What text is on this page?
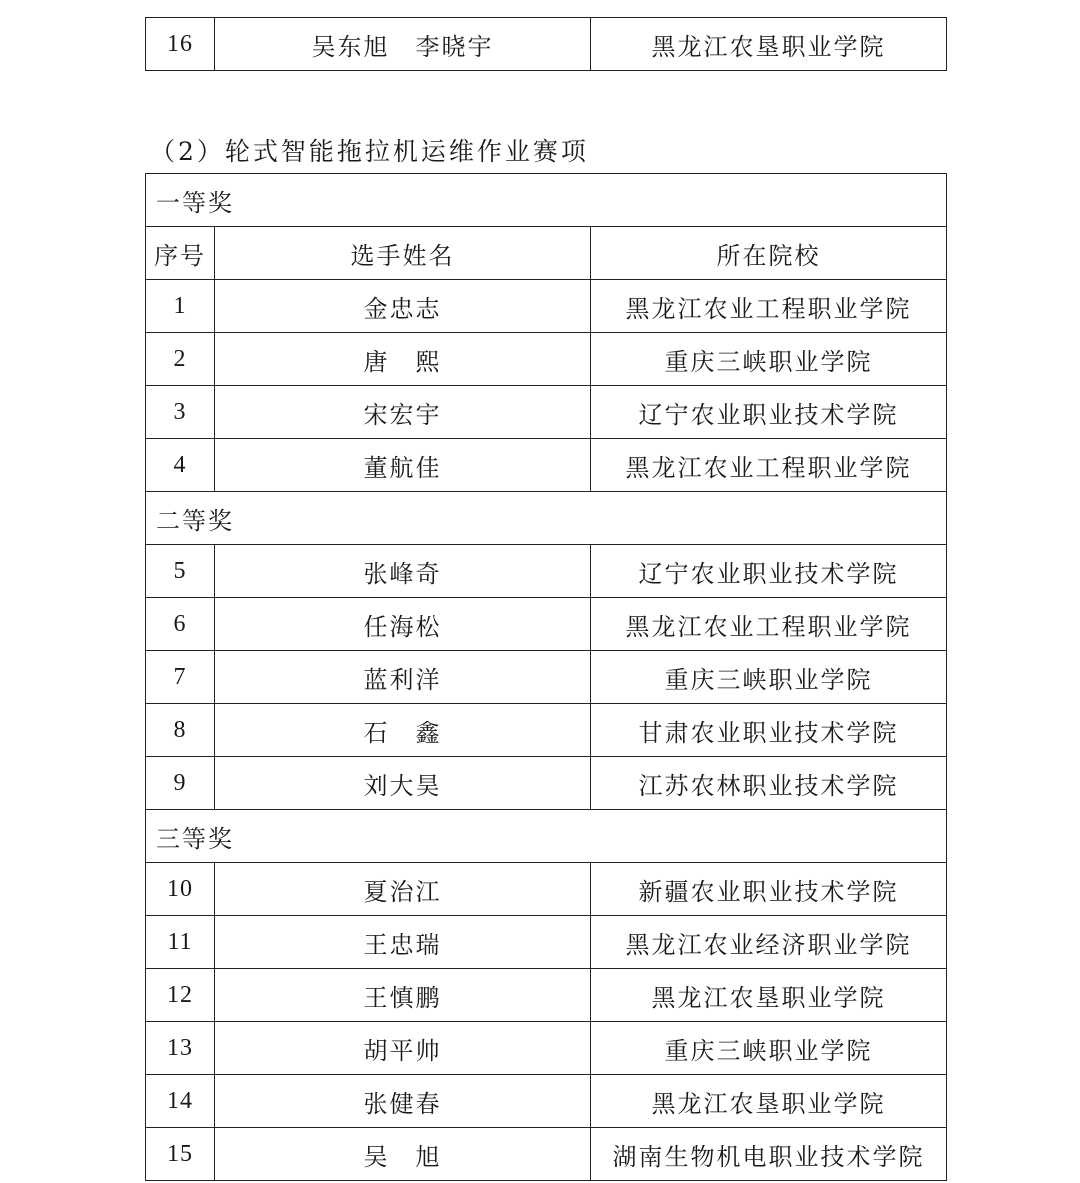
16	吴东旭　李晓宇	黑龙江农垦职业学院
（2）轮式智能拖拉机运维作业赛项
一等奖		
序号	选手姓名	所在院校
1	金忠志	黑龙江农业工程职业学院
2	唐　熙	重庆三峡职业学院
3	宋宏宇	辽宁农业职业技术学院
4	董航佳	黑龙江农业工程职业学院
二等奖		
5	张峰奇	辽宁农业职业技术学院
6	任海松	黑龙江农业工程职业学院
7	蓝利洋	重庆三峡职业学院
8	石　鑫	甘肃农业职业技术学院
9	刘大昊	江苏农林职业技术学院
三等奖		
10	夏治江	新疆农业职业技术学院
11	王忠瑞	黑龙江农业经济职业学院
12	王慎鹏	黑龙江农垦职业学院
13	胡平帅	重庆三峡职业学院
14	张健春	黑龙江农垦职业学院
15	吴　旭	湖南生物机电职业技术学院
